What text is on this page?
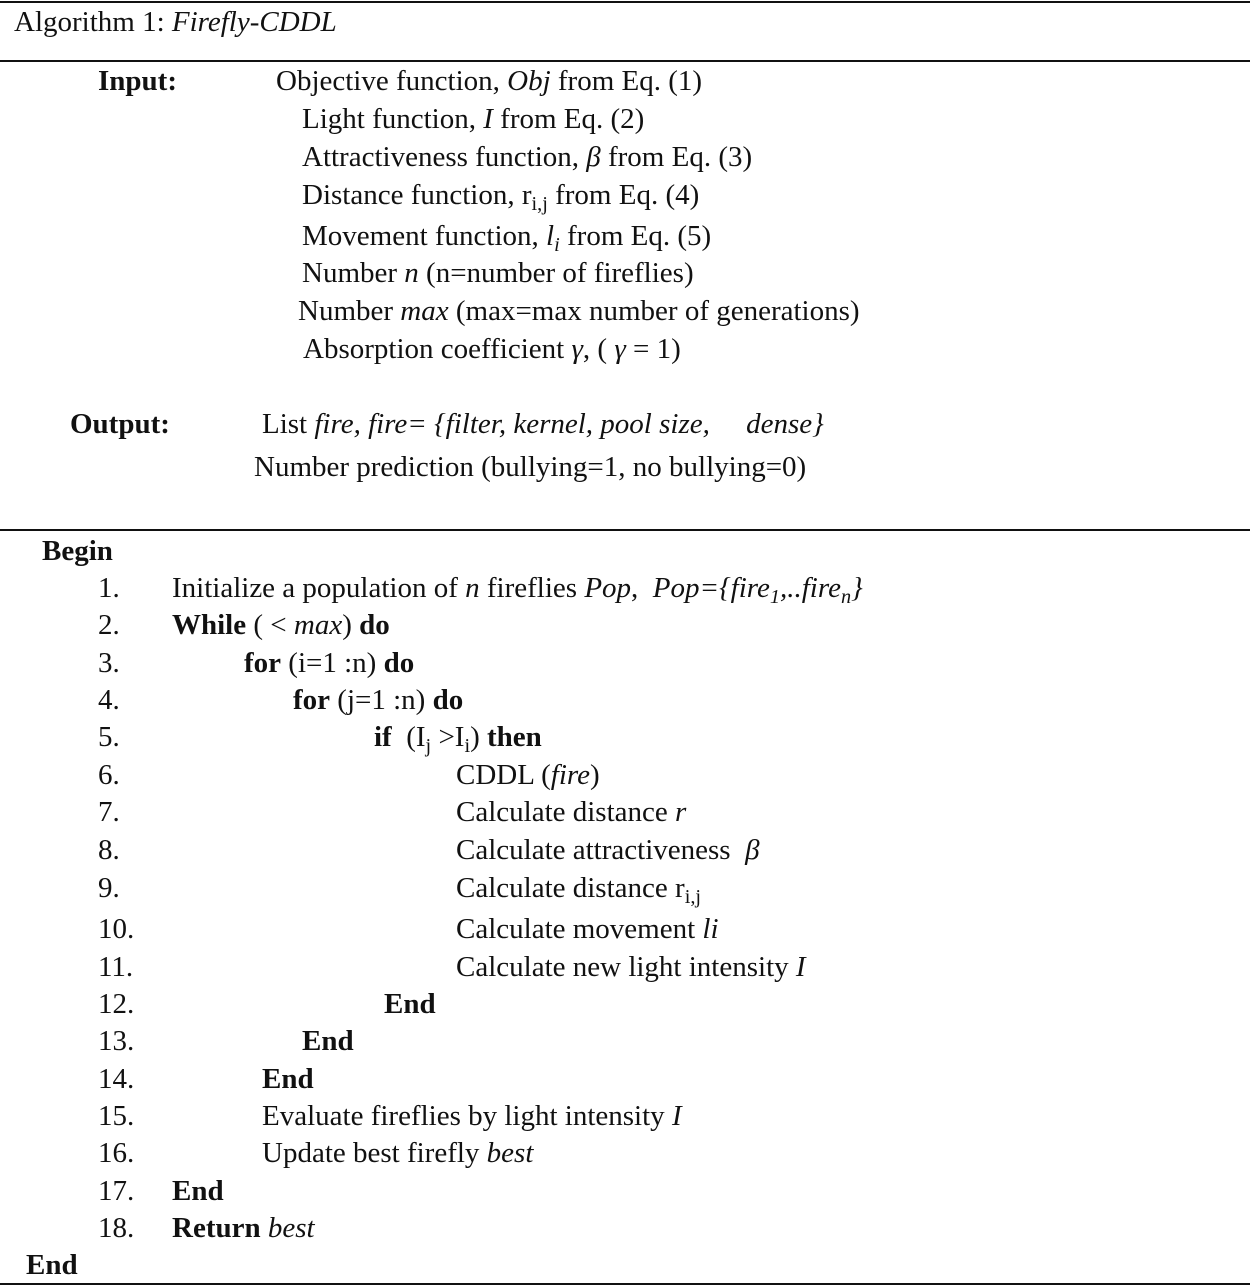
Algorithm 1: Firefly-CDDL
Input:	Objective function, Obj from Eq. (1)
Light function, I from Eq. (2)
Attractiveness function, β from Eq. (3)
Distance function, $r_{i,j}$ from Eq. (4)
Movement function, $l_i$ from Eq. (5)
Number n (n=number of fireflies)
Number max (max=max number of generations)
Absorption coefficient γ, ( γ = 1)
Output:	List fire, fire= {filter, kernel, pool size, dense}
Number prediction (bullying=1, no bullying=0)
Begin
1.
2.
3.
4.
5.
6.
7.
8.
9.
10.
11.
12.
13.
14.
15.
16.
17.
18.
Initialize a population of n fireflies Pop,  Pop={fire$_1$,..fire$_n$}
While ( < max) do
for (i=1 :n) do
for (j=1 :n) do
if  $(I_j >I_i)$ then
CDDL (fire)
Calculate distance r
Calculate attractiveness  β
Calculate distance $r_{i,j}$
Calculate movement li
Calculate new light intensity I
End
End
End
Evaluate fireflies by light intensity I
Update best firefly best
End
Return best
End
